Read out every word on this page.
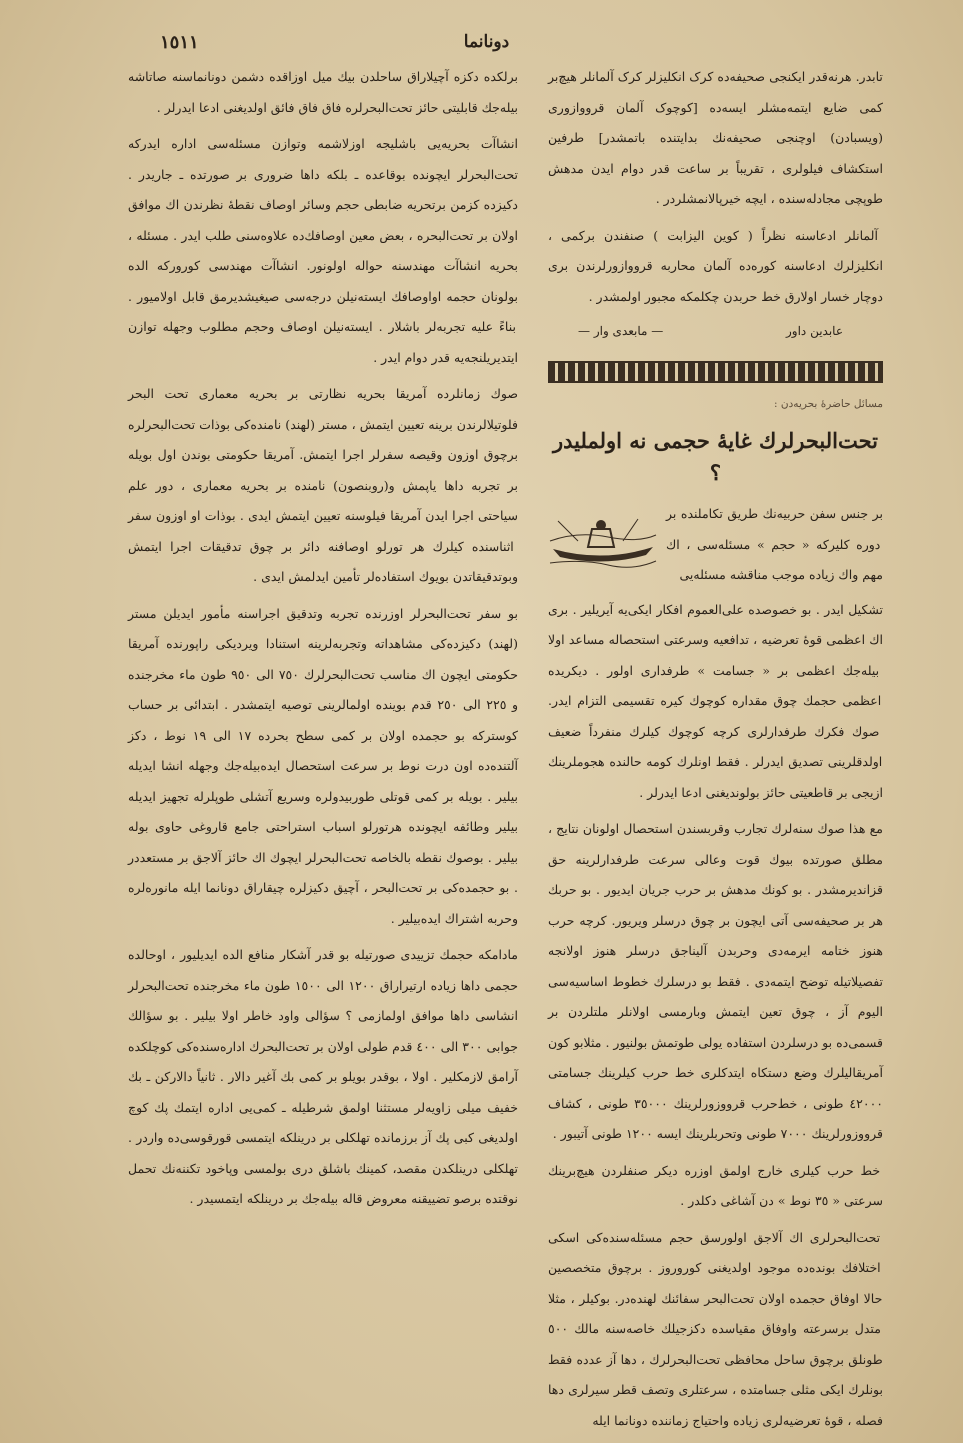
١٥١١	دونانما

برلکده دکزه آچیلاراق ساحلدن بیك میل اوزاقده دشمن دونانماسنه صاتاشه بیله‌جك قابلیتی حائز تحت‌البحرلره فاق فاق فائق اولدیغنی ادعا ایدرلر .

انشاآت بحریه‌یی باشلیجه اوزلاشمه وتوازن مسئله‌سی اداره ایدرکه تحت‌البحرلر ایچونده بوقاعده ـ بلکه داها ضروری بر صورتده ـ جاریدر . دکیزده کزمن برتحریه ضابطی حجم وسائر اوصاف نقطهٔ نظرندن اك موافق اولان بر تحت‌البحره ، بعض معین اوصافك‌ده علاوه‌سنی طلب ایدر . مسئله ، بحریه انشاآت مهندسنه حواله اولونور. انشاآت مهندسی کورورکه الده بولونان حجمه اواوصافك ایسته‌نیلن درجه‌سی صیغیشدیرمق قابل اولامیور . بناءً علیه تجربه‌لر باشلار . ایسته‌نیلن اوصاف وحجم مطلوب وجهله توازن ایتدیریلنجه‌یه قدر دوام ایدر .

صوك زمانلرده آمریقا بحریه نظارتی بر بحریه معماری تحت‌ البحر فلوتیلالرندن برینه تعیین ایتمش ، مستر (لهند) نامنده‌کی بوذات تحت‌البحرلره برچوق اوزون وقیصه سفرلر اجرا ایتمش. آمریقا حکومتی بوندن اول بویله بر تجربه داها یاپمش و(روبنصون) نامنده بر بحریه معماری ، دور علم سیاحتی اجرا ایدن آمریقا فیلوسنه تعیین ایتمش ایدی . بوذات او اوزون سفر اثناسنده کیلرك هر تورلو اوصافنه دائر بر چوق تدقیقات اجرا ایتمش وبوتدقیقاتدن بویوك استفاده‌لر تأمین ایدلمش ایدی .

بو سفر تحت‌البحرلر اوزرنده تجربه وتدقیق اجراسنه مأمور ایدیلن مستر (لهند) دکیزده‌کی مشاهداته وتجربه‌لرینه استنادا ویردیکی راپورنده آمریقا حکومتی ایچون اك مناسب تحت‌البحرلرك ٧٥٠ الی ٩٥٠ طون ماء مخرجنده و ٢٢٥ الی ٢٥٠ قدم بوینده اولمالرینی توصیه ایتمشدر . ابتدائی بر حساب کوسترکه بو حجمده اولان بر کمی سطح بحرده ١٧ الی ١٩ نوط ، دکز آلتنده‌ده اون درت نوط بر سرعت استحصال ایده‌بیله‌جك وجهله انشا ایدیله بیلیر . بویله بر کمی قوتلی طوربیدولره وسریع آتشلی طوپلرله تجهیز ایدیله بیلیر وطائفه ایچونده هرتورلو اسباب استراحتی جامع قاروغی حاوی بوله بیلیر . بوصوك نقطه بالخاصه تحت‌البحرلر ایچوك اك حائز آلاجق بر مستعددر . بو حجمده‌کی بر تحت‌البحر ، آچیق دکیزلره چیقاراق دونانما ایله مانوره‌لره وحربه اشتراك ایده‌بیلیر .

مادامکه حجمك تزییدی صورتیله بو قدر آشکار منافع الده ایدیلیور ، اوحالده حجمی داها زیاده ارتیراراق ١٢٠٠ الی ١٥٠٠ طون ماء مخرجنده تحت‌البحرلر انشاسی داها موافق اولمازمی ؟ سؤالی واود خاطر اولا بیلیر . بو سؤالك جوابی ٣٠٠ الی ٤٠٠ قدم طولی اولان بر تحت‌البحرك اداره‌سنده‌کی کوچلکده آرامق لازمکلیر . اولا ، بوقدر بویلو بر کمی بك آغیر دالار . ثانیاً دالارکن ـ بك خفیف میلی زاویه‌لر مستثنا اولمق شرطیله ـ کمی‌یی اداره ایتمك پك کوچ اولدیغی کبی پك آز برزمانده تهلکلی بر درینلکه ایتمسی قورقوسی‌ده واردر . تهلکلی درینلکدن مقصد، کمینك باشلق دری بولمسی وپاخود تکننه‌نك تحمل نوقتده برصو تضییقنه معروض قاله بیله‌جك بر درینلکه ایتمسیدر .

تابدر. هرنه‌قدر ایکنجی صحیفه‌ده کرک انکلیزلر کرک آلمانلر هیچ‌بر کمی ضایع ایتمه‌مشلر ایسه‌ده [کوچوک آلمان قرووازوری (ویسبادن) اوچنجی صحیفه‌نك بدایتنده باتمشدر] طرفین استکشاف فیلولری ، تقریباً بر ساعت قدر دوام ایدن مدهش طوپچی مجادله‌سنده ، ایچه خیرپالانمشلردر .

آلمانلر ادعاسنه نظراً ( کوین الیزابت ) صنفندن برکمی ، انکلیزلرك ادعاسنه کوره‌ده آلمان محاربه قرووازورلرندن بری دوچار خسار اولارق خط حربدن چکلمکه مجبور اولمشدر .

عابدین داور
— مابعدی وار —
مسائل حاضرهٔ بحریه‌دن :
تحت‌البحرلرك غایهٔ حجمی نه اولملیدر ؟

بر جنس سفن حربیه‌نك طریق تکاملنده بر دوره کلیرکه « حجم » مسئله‌سی ، اك مهم واك زیاده موجب مناقشه مسئله‌یی

تشکیل ایدر . بو خصوصده علی‌العموم افکار ایکی‌یه آیریلیر . بری اك اعظمی قوهٔ تعرضیه ، تدافعیه وسرعتی استحصاله مساعد اولا بیله‌جك اعظمی بر « جسامت » طرفداری اولور . دیکریده اعظمی حجمك چوق مقداره کوچوك کیره تقسیمی التزام ایدر. صوك فکرك طرفدارلری کرچه کوچوك کیلرك منفرداً ضعیف اولدقلرینی تصدیق ایدرلر . فقط اونلرك کومه حالنده هجوملرینك ازیجی بر قاطعیتی حائز بولوندیغنی ادعا ایدرلر .

مع هذا صوك سنه‌لرك تجارب وقربسندن استحصال اولونان نتایج ، مطلق صورتده بیوك قوت وعالی سرعت طرفدارلرینه حق قزاندیرمشدر . بو کونك مدهش بر حرب جریان ایدیور . بو حربك هر بر صحیفه‌سی آتی ایچون بر چوق درسلر ویریور. کرچه حرب هنوز ختامه ایرمه‌دی وحربدن آلیناجق درسلر هنوز اولانجه تفصیلاتیله توضح ایتمه‌دی . فقط بو درسلرك خطوط اساسیه‌سی الیوم آز ، چوق تعین ایتمش وبارمسی اولانلر ملتلردن بر قسمی‌ده بو درسلردن استفاده یولی طوتمش بولنیور . مثلابو کون آمریقالیلرك وضع دستکاه ایتدکلری خط حرب کیلرینك جسامتی ٤٢٠٠٠ طونی ، خط‌حرب قرووزورلرینك ٣٥٠٠٠ طونی ، کشاف قرووزورلرینك ٧٠٠٠ طونی وتحربلرینك ایسه ١٢٠٠ طونی آتیبور .

خط حرب کیلری خارج اولمق اوزره دیکر صنفلردن هیچ‌برینك سرعتی « ٣٥ نوط » دن آشاغی دکلدر .

تحت‌البحرلری اك آلاجق اولورسق حجم مسئله‌سنده‌کی اسکی اختلافك بونده‌ده موجود اولدیغنی کوروروز . برچوق متخصصین حالا اوفاق حجمده اولان تحت‌البحر سفائنك لهنده‌در. بوکیلر ، مثلا متدل برسرعته واوفاق مقیاسده دکزجیلك خاصه‌سنه مالك ٥٠٠ طونلق برچوق ساحل محافظی تحت‌البحرلرك ، دها آز عدده فقط بونلرك ایکی مثلی جسامتده ، سرعتلری وتصف قطر سیرلری دها فصله ، قوهٔ تعرضیه‌لری زیاده واحتیاج زماننده دونانما ایله
